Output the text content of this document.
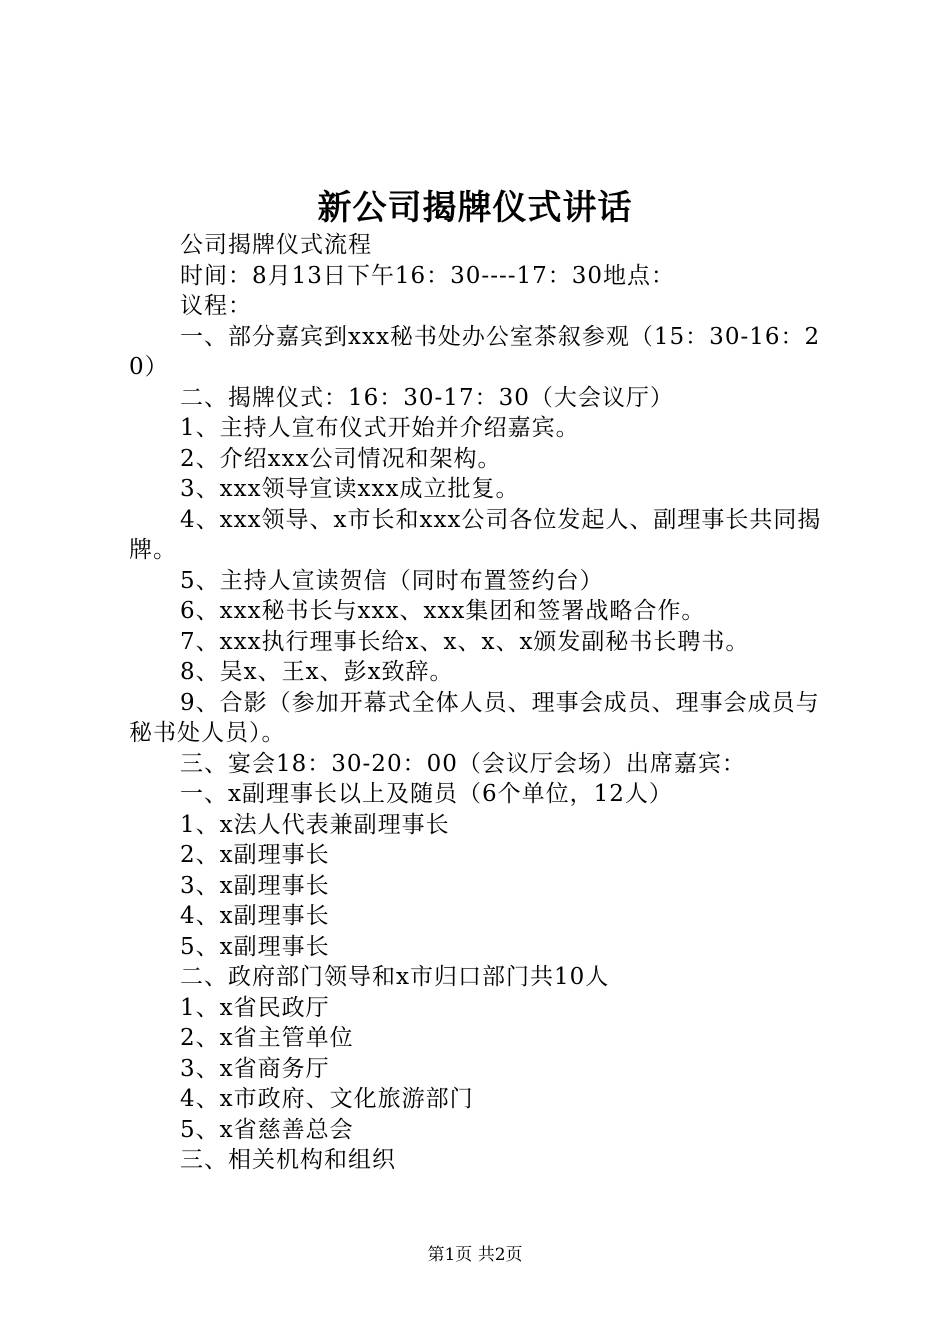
新公司揭牌仪式讲话

公司揭牌仪式流程

时间：8月13日下午16：30----17：30地点：

议程：

一、部分嘉宾到xxx秘书处办公室茶叙参观（15：30-16：20）

二、揭牌仪式：16：30-17：30（大会议厅）

1、主持人宣布仪式开始并介绍嘉宾。

2、介绍xxx公司情况和架构。

3、xxx领导宣读xxx成立批复。

4、xxx领导、x市长和xxx公司各位发起人、副理事长共同揭牌。

5、主持人宣读贺信（同时布置签约台）

6、xxx秘书长与xxx、xxx集团和签署战略合作。

7、xxx执行理事长给x、x、x、x颁发副秘书长聘书。

8、吴x、王x、彭x致辞。

9、合影（参加开幕式全体人员、理事会成员、理事会成员与秘书处人员）。

三、宴会18：30-20：00（会议厅会场）出席嘉宾：

一、x副理事长以上及随员（6个单位，12人）

1、x法人代表兼副理事长

2、x副理事长

3、x副理事长

4、x副理事长

5、x副理事长

二、政府部门领导和x市归口部门共10人

1、x省民政厅

2、x省主管单位

3、x省商务厅

4、x市政府、文化旅游部门

5、x省慈善总会

三、相关机构和组织

第1页 共2页
